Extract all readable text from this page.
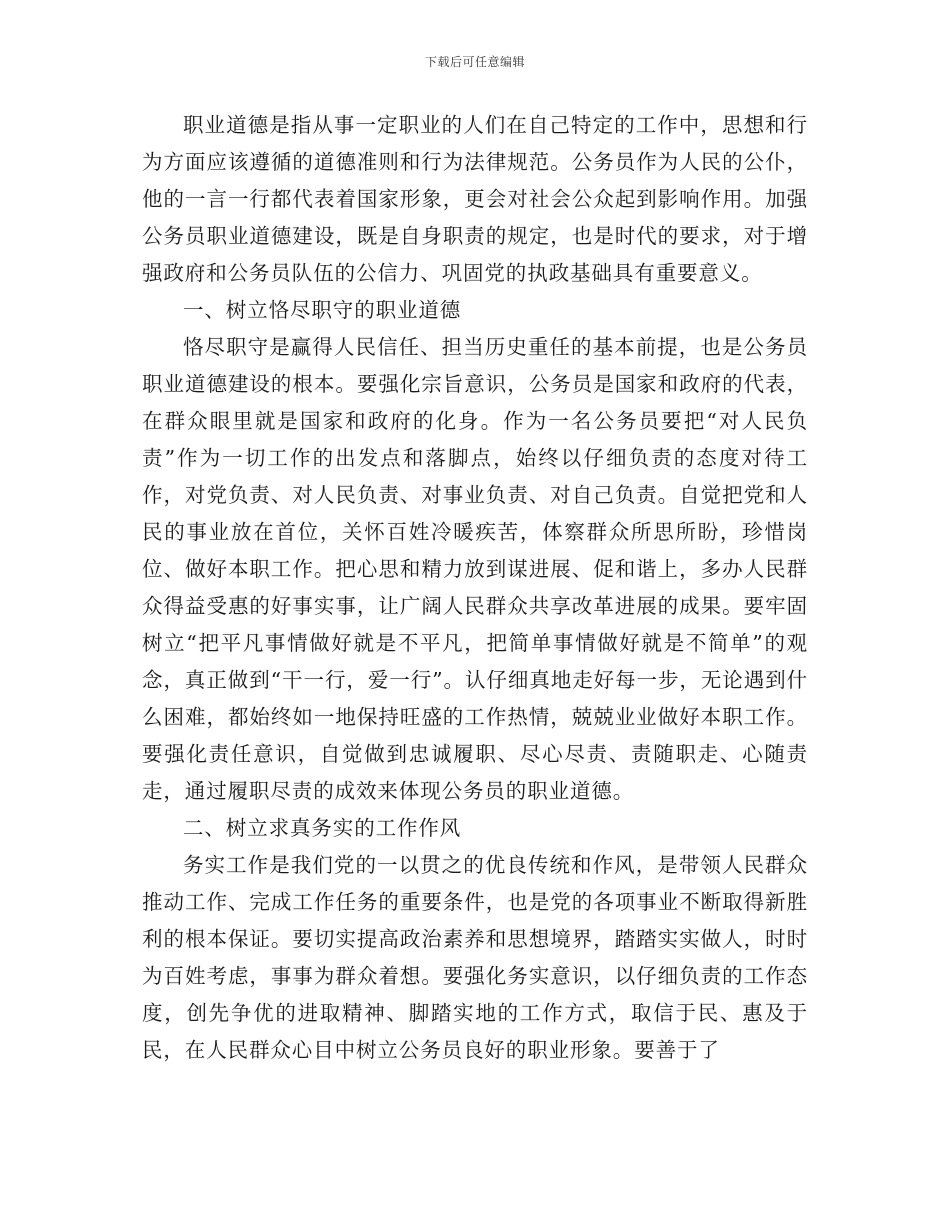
下载后可任意编辑

职业道德是指从事一定职业的人们在自己特定的工作中，思想和行为方面应该遵循的道德准则和行为法律规范。公务员作为人民的公仆，他的一言一行都代表着国家形象，更会对社会公众起到影响作用。加强公务员职业道德建设，既是自身职责的规定，也是时代的要求，对于增强政府和公务员队伍的公信力、巩固党的执政基础具有重要意义。

一、树立恪尽职守的职业道德

恪尽职守是赢得人民信任、担当历史重任的基本前提，也是公务员职业道德建设的根本。要强化宗旨意识，公务员是国家和政府的代表，在群众眼里就是国家和政府的化身。作为一名公务员要把“对人民负责”作为一切工作的出发点和落脚点，始终以仔细负责的态度对待工作，对党负责、对人民负责、对事业负责、对自己负责。自觉把党和人民的事业放在首位，关怀百姓冷暖疾苦，体察群众所思所盼，珍惜岗位、做好本职工作。把心思和精力放到谋进展、促和谐上，多办人民群众得益受惠的好事实事，让广阔人民群众共享改革进展的成果。要牢固树立“把平凡事情做好就是不平凡，把简单事情做好就是不简单”的观念，真正做到“干一行，爱一行”。认仔细真地走好每一步，无论遇到什么困难，都始终如一地保持旺盛的工作热情，兢兢业业做好本职工作。要强化责任意识，自觉做到忠诚履职、尽心尽责、责随职走、心随责走，通过履职尽责的成效来体现公务员的职业道德。

二、树立求真务实的工作作风

务实工作是我们党的一以贯之的优良传统和作风，是带领人民群众推动工作、完成工作任务的重要条件，也是党的各项事业不断取得新胜利的根本保证。要切实提高政治素养和思想境界，踏踏实实做人，时时为百姓考虑，事事为群众着想。要强化务实意识，以仔细负责的工作态度，创先争优的进取精神、脚踏实地的工作方式，取信于民、惠及于民，在人民群众心目中树立公务员良好的职业形象。要善于了
